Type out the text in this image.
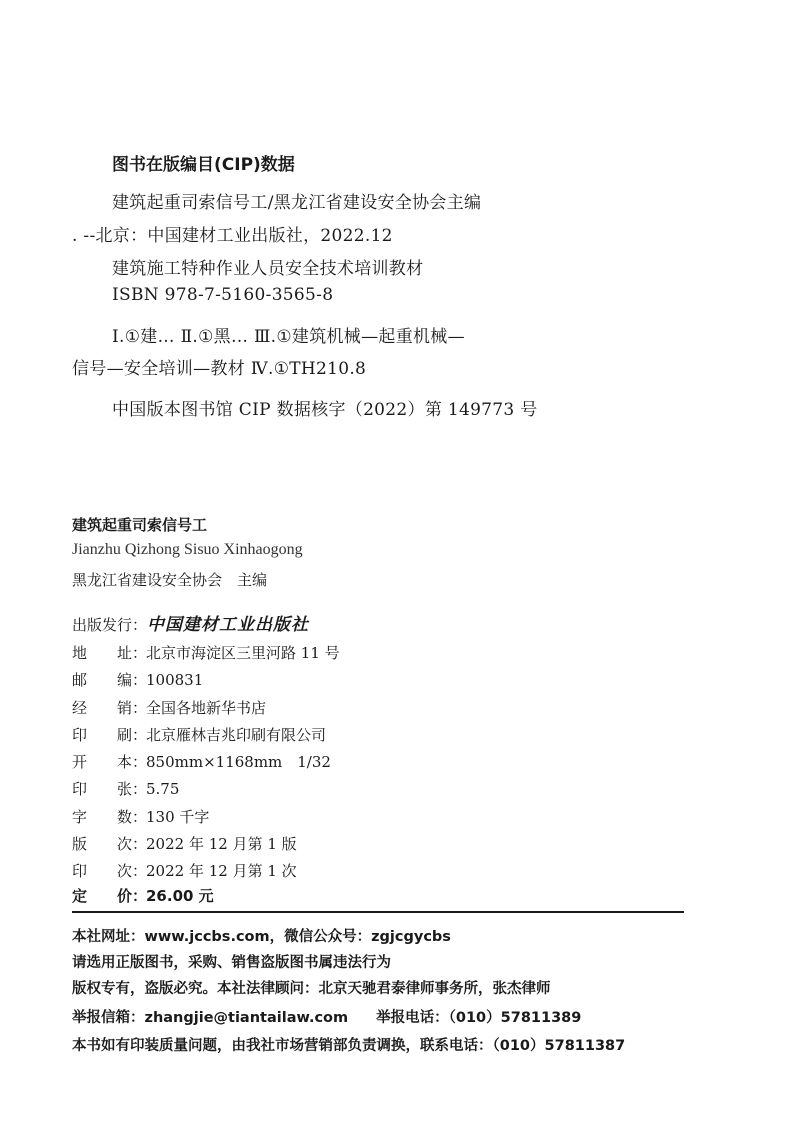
图书在版编目(CIP)数据
建筑起重司索信号工/黑龙江省建设安全协会主编
. --北京：中国建材工业出版社，2022.12
建筑施工特种作业人员安全技术培训教材
ISBN 978-7-5160-3565-8
Ⅰ.①建… Ⅱ.①黑… Ⅲ.①建筑机械—起重机械—
信号—安全培训—教材 Ⅳ.①TH210.8
中国版本图书馆 CIP 数据核字（2022）第 149773 号
建筑起重司索信号工
Jianzhu Qizhong Sisuo Xinhaogong
黑龙江省建设安全协会　主编
出版发行：中国建材工业出版社
地　　址：北京市海淀区三里河路 11 号
邮　　编：100831
经　　销：全国各地新华书店
印　　刷：北京雁林吉兆印刷有限公司
开　　本：850mm×1168mm　1/32
印　　张：5.75
字　　数：130 千字
版　　次：2022 年 12 月第 1 版
印　　次：2022 年 12 月第 1 次
定　　价：26.00 元
本社网址：www.jccbs.com，微信公众号：zgjcgycbs
请选用正版图书，采购、销售盗版图书属违法行为
版权专有，盗版必究。本社法律顾问：北京天驰君泰律师事务所，张杰律师
举报信箱：zhangjie@tiantailaw.com 举报电话：（010）57811389
本书如有印装质量问题，由我社市场营销部负责调换，联系电话：（010）57811387
